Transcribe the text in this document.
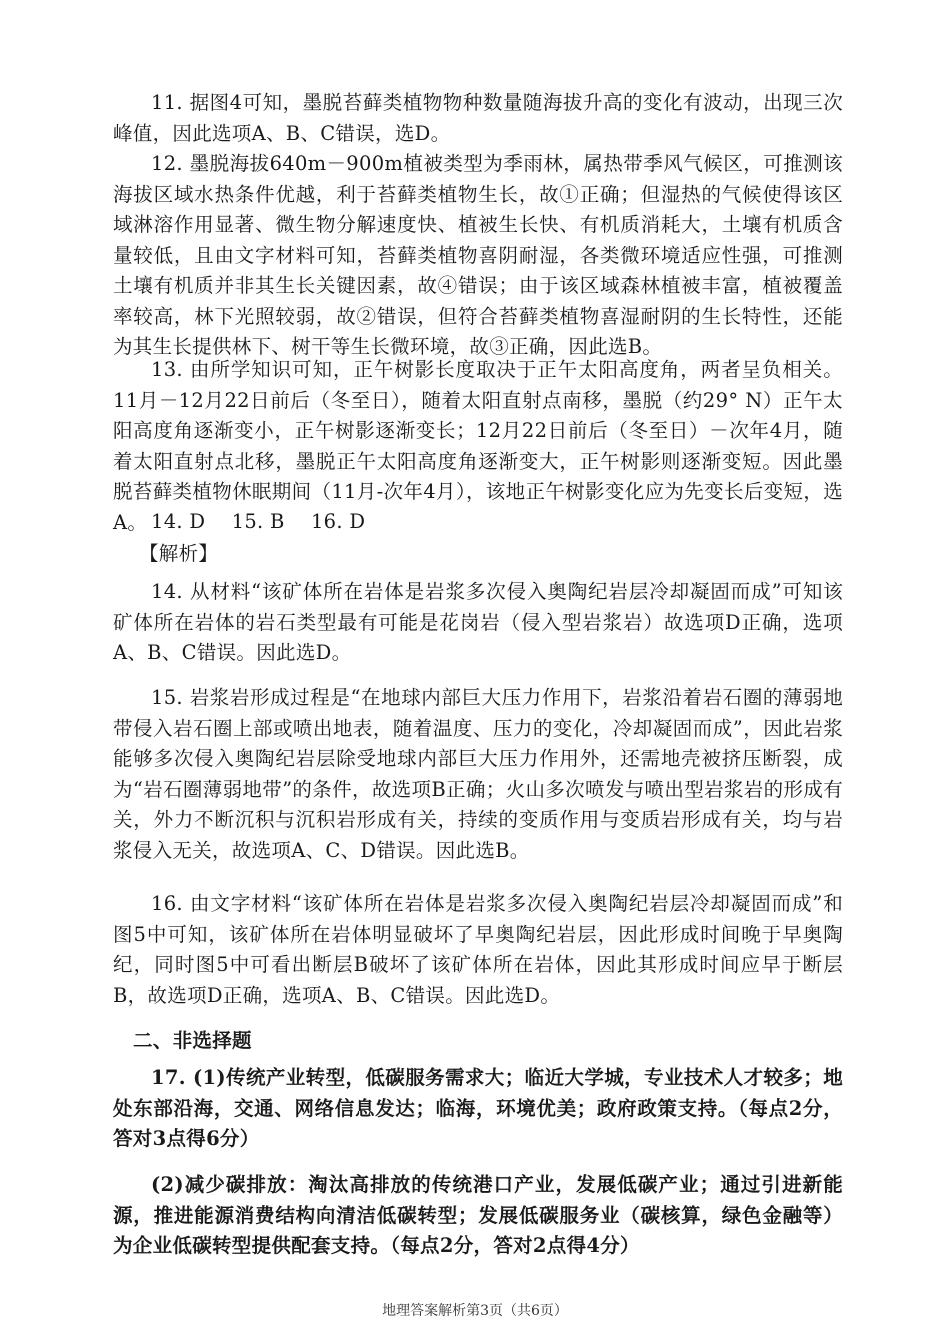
11. 据图4可知，墨脱苔藓类植物物种数量随海拔升高的变化有波动，出现三次峰值，因此选项A、B、C错误，选D。

12. 墨脱海拔640m－900m植被类型为季雨林，属热带季风气候区，可推测该海拔区域水热条件优越，利于苔藓类植物生长，故①正确；但湿热的气候使得该区域淋溶作用显著、微生物分解速度快、植被生长快、有机质消耗大，土壤有机质含量较低，且由文字材料可知，苔藓类植物喜阴耐湿，各类微环境适应性强，可推测土壤有机质并非其生长关键因素，故④错误；由于该区域森林植被丰富，植被覆盖率较高，林下光照较弱，故②错误，但符合苔藓类植物喜湿耐阴的生长特性，还能为其生长提供林下、树干等生长微环境，故③正确，因此选B。

13. 由所学知识可知，正午树影长度取决于正午太阳高度角，两者呈负相关。11月－12月22日前后（冬至日），随着太阳直射点南移，墨脱（约29° N）正午太阳高度角逐渐变小，正午树影逐渐变长；12月22日前后（冬至日）－次年4月，随着太阳直射点北移，墨脱正午太阳高度角逐渐变大，正午树影则逐渐变短。因此墨脱苔藓类植物休眠期间（11月-次年4月），该地正午树影变化应为先变长后变短，选A。 14. D　 15. B　 16. D

【解析】

14. 从材料“该矿体所在岩体是岩浆多次侵入奥陶纪岩层冷却凝固而成”可知该矿体所在岩体的岩石类型最有可能是花岗岩（侵入型岩浆岩）故选项D正确，选项A、B、C错误。因此选D。

15. 岩浆岩形成过程是“在地球内部巨大压力作用下，岩浆沿着岩石圈的薄弱地带侵入岩石圈上部或喷出地表，随着温度、压力的变化，冷却凝固而成”，因此岩浆能够多次侵入奥陶纪岩层除受地球内部巨大压力作用外，还需地壳被挤压断裂，成为“岩石圈薄弱地带”的条件，故选项B正确；火山多次喷发与喷出型岩浆岩的形成有关，外力不断沉积与沉积岩形成有关，持续的变质作用与变质岩形成有关，均与岩浆侵入无关，故选项A、C、D错误。因此选B。

16. 由文字材料“该矿体所在岩体是岩浆多次侵入奥陶纪岩层冷却凝固而成”和图5中可知，该矿体所在岩体明显破坏了早奥陶纪岩层，因此形成时间晚于早奥陶纪，同时图5中可看出断层B破坏了该矿体所在岩体，因此其形成时间应早于断层B，故选项D正确，选项A、B、C错误。因此选D。

二、非选择题

17. (1)传统产业转型，低碳服务需求大；临近大学城，专业技术人才较多；地处东部沿海，交通、网络信息发达；临海，环境优美；政府政策支持。（每点2分，答对3点得6分）

(2)减少碳排放：淘汰高排放的传统港口产业，发展低碳产业；通过引进新能源，推进能源消费结构向清洁低碳转型；发展低碳服务业（碳核算，绿色金融等）为企业低碳转型提供配套支持。（每点2分，答对2点得4分）

地理答案解析第3页（共6页）
